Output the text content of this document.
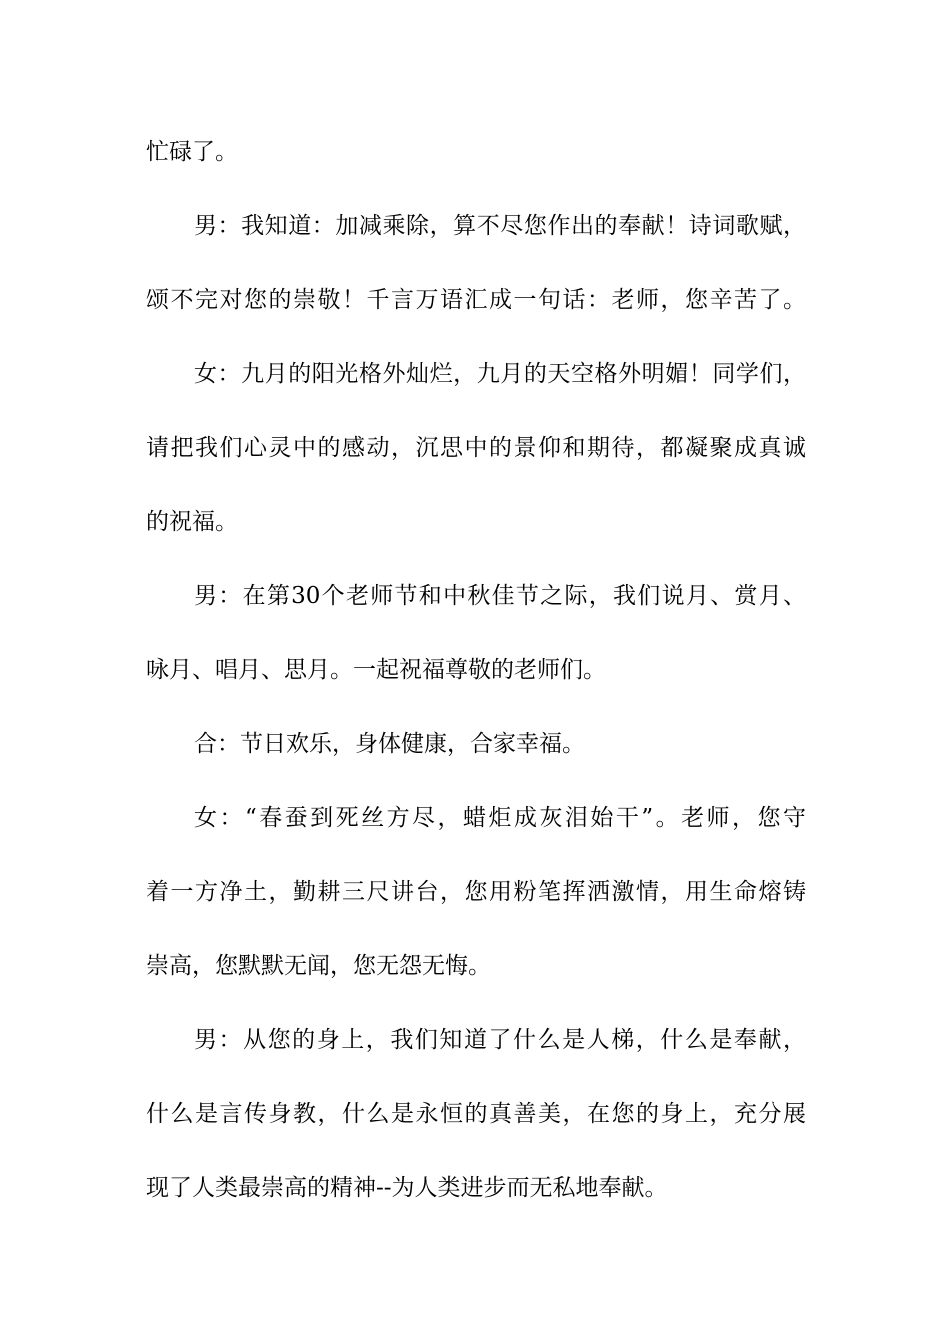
忙碌了。
男：我知道：加减乘除，算不尽您作出的奉献！诗词歌赋，
颂不完对您的崇敬！千言万语汇成一句话：老师，您辛苦了。
女：九月的阳光格外灿烂，九月的天空格外明媚！同学们，
请把我们心灵中的感动，沉思中的景仰和期待，都凝聚成真诚
的祝福。
男：在第30个老师节和中秋佳节之际，我们说月、赏月、
咏月、唱月、思月。一起祝福尊敬的老师们。
合：节日欢乐，身体健康，合家幸福。
女：“春蚕到死丝方尽，蜡炬成灰泪始干”。老师，您守
着一方净土，勤耕三尺讲台，您用粉笔挥洒激情，用生命熔铸
崇高，您默默无闻，您无怨无悔。
男：从您的身上，我们知道了什么是人梯，什么是奉献，
什么是言传身教，什么是永恒的真善美，在您的身上，充分展
现了人类最崇高的精神--为人类进步而无私地奉献。
